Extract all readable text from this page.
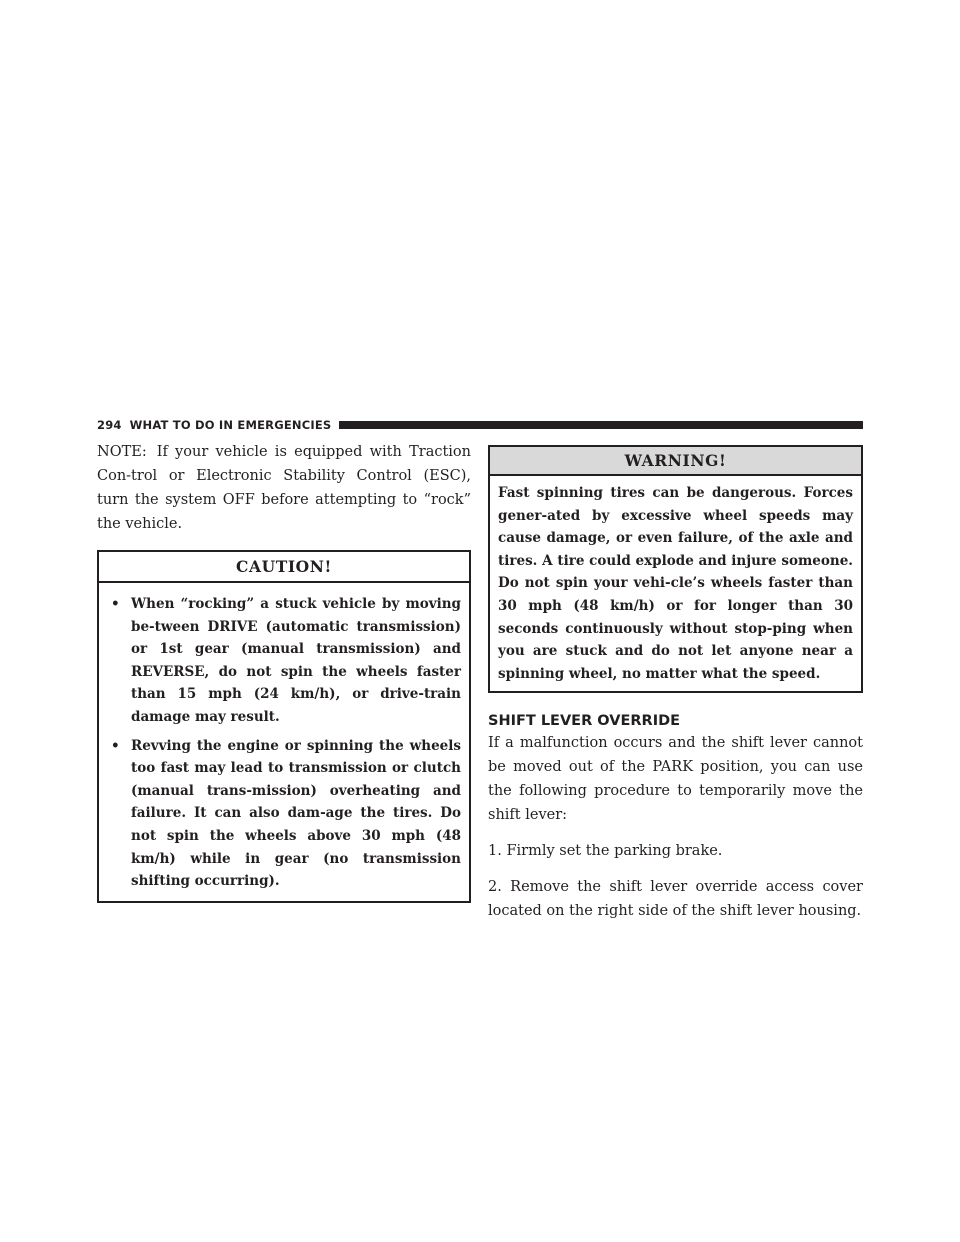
294 WHAT TO DO IN EMERGENCIES

NOTE: If your vehicle is equipped with Traction Con-trol or Electronic Stability Control (ESC), turn the system OFF before attempting to “rock” the vehicle.

CAUTION!
• When “rocking” a stuck vehicle by moving be-tween DRIVE (automatic transmission) or 1st gear (manual transmission) and REVERSE, do not spin the wheels faster than 15 mph (24 km/h), or drive-train damage may result.
• Revving the engine or spinning the wheels too fast may lead to transmission or clutch (manual trans-mission) overheating and failure. It can also dam-age the tires. Do not spin the wheels above 30 mph (48 km/h) while in gear (no transmission shifting occurring).
WARNING!

Fast spinning tires can be dangerous. Forces gener-ated by excessive wheel speeds may cause damage, or even failure, of the axle and tires. A tire could explode and injure someone. Do not spin your vehi-cle’s wheels faster than 30 mph (48 km/h) or for longer than 30 seconds continuously without stop-ping when you are stuck and do not let anyone near a spinning wheel, no matter what the speed.

SHIFT LEVER OVERRIDE

If a malfunction occurs and the shift lever cannot be moved out of the PARK position, you can use the following procedure to temporarily move the shift lever:

1. Firmly set the parking brake.

2. Remove the shift lever override access cover located on the right side of the shift lever housing.
